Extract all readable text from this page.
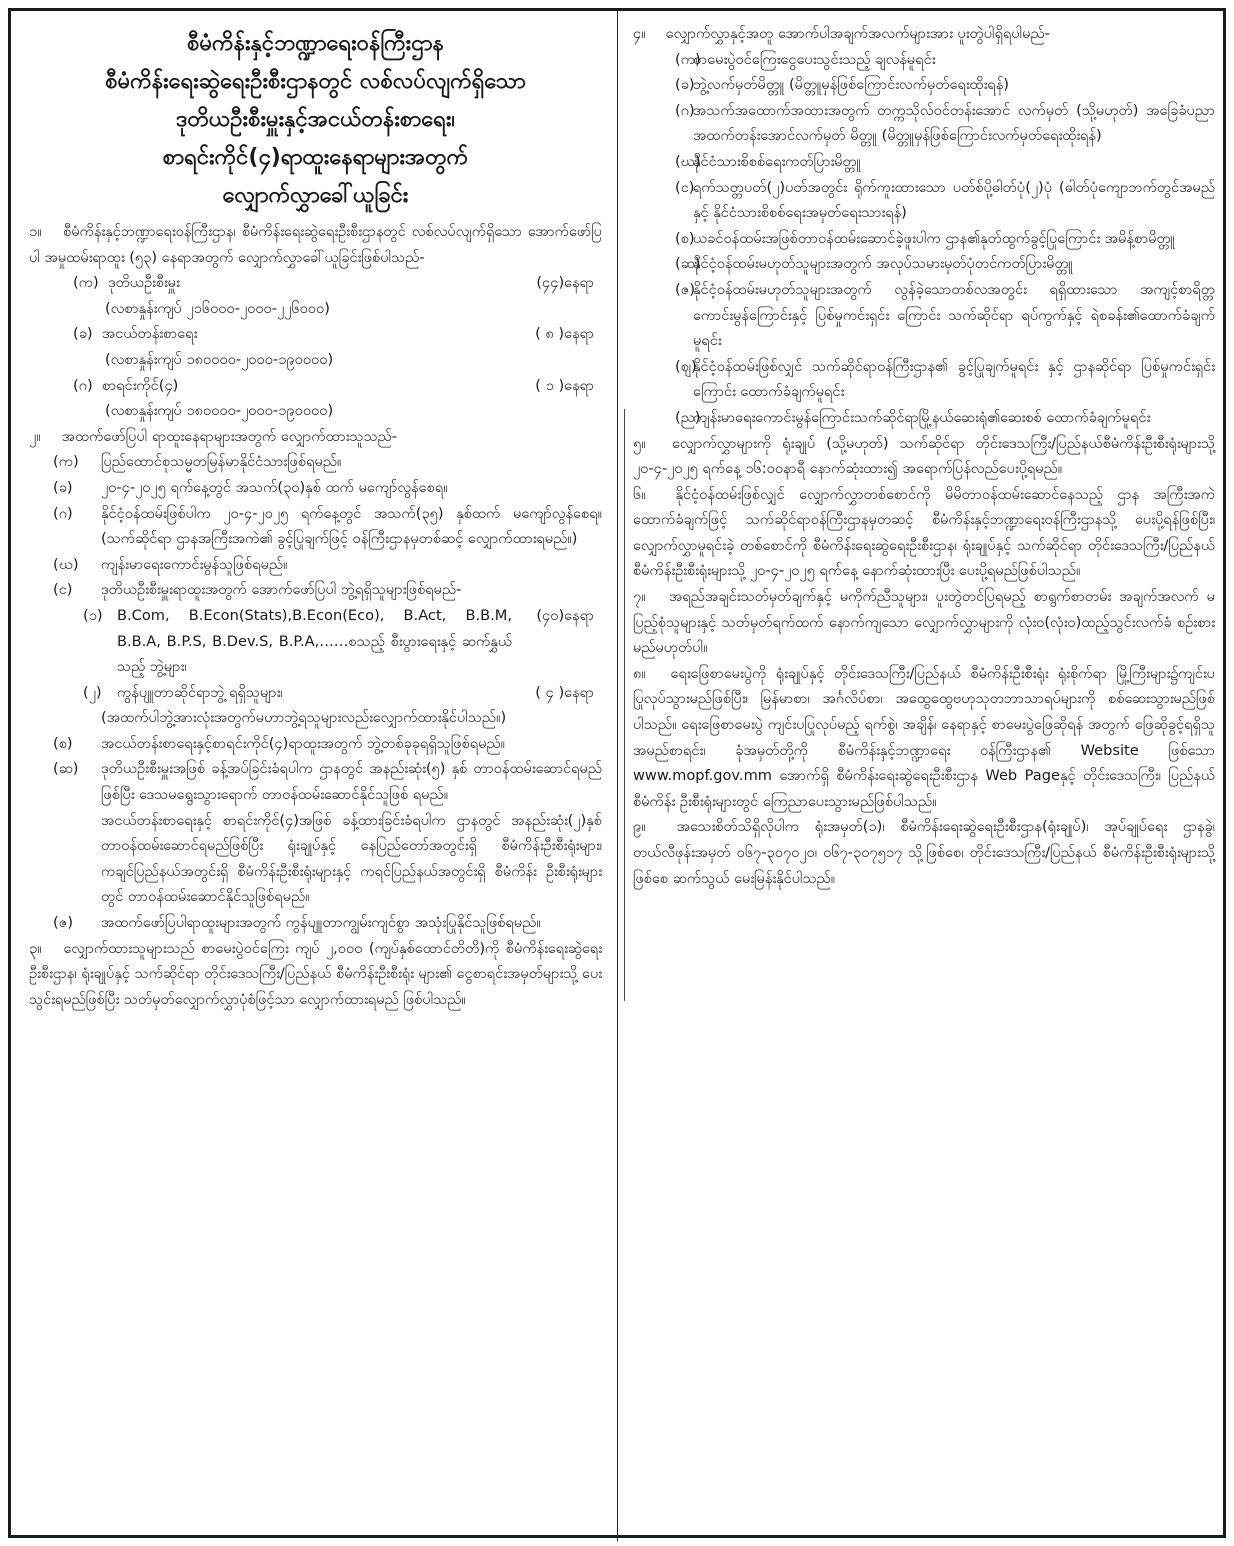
စီမံကိန်းနှင့်ဘဏ္ဍာရေးဝန်ကြီးဌာန
စီမံကိန်းရေးဆွဲရေးဦးစီးဌာနတွင် လစ်လပ်လျက်ရှိသော
ဒုတိယဦးစီးမှူးနှင့်အငယ်တန်းစာရေး၊
စာရင်းကိုင်(၄)ရာထူးနေရာများအတွက်
လျှောက်လွှာခေါ်ယူခြင်း

၁။ စီမံကိန်းနှင့်ဘဏ္ဍာရေးဝန်ကြီးဌာန၊ စီမံကိန်းရေးဆွဲရေးဦးစီးဌာနတွင် လစ်လပ်လျက်ရှိသော အောက်ဖော်ပြပါ အမှုထမ်းရာထူး (၅၃) နေရာအတွက် လျှောက်လွှာခေါ်ယူခြင်းဖြစ်ပါသည်-

(က) ဒုတိယဦးစီးမှူး	(၄၄)နေရာ

(လစာနှုန်းကျပ် ၂၁၆၀၀၀-၂၀၀၀-၂၂၆၀၀၀)

(ခ) အငယ်တန်းစာရေး	( ၈ )နေရာ

(လစာနှုန်းကျပ် ၁၈၀၀၀၀-၂၀၀၀-၁၉၀၀၀၀)

(ဂ) စာရင်းကိုင်(၄)	( ၁ )နေရာ

(လစာနှုန်းကျပ် ၁၈၀၀၀၀-၂၀၀၀-၁၉၀၀၀၀)

၂။ အထက်ဖော်ပြပါ ရာထူးနေရာများအတွက် လျှောက်ထားသူသည်-

(က) ပြည်ထောင်စုသမ္မတမြန်မာနိုင်ငံသားဖြစ်ရမည်။
(ခ) ၂၀-၄-၂၀၂၅ ရက်နေ့တွင် အသက်(၃၀)နှစ် ထက် မကျော်လွန်စေရ။
(ဂ) နိုင်ငံ့ဝန်ထမ်းဖြစ်ပါက ၂၀-၄-၂၀၂၅ ရက်နေ့တွင် အသက်(၃၅) နှစ်ထက် မကျော်လွန်စေရ။ (သက်ဆိုင်ရာ ဌာနအကြီးအကဲ၏ ခွင့်ပြုချက်ဖြင့် ဝန်ကြီးဌာနမှတစ်ဆင့် လျှောက်ထားရမည်။)
(ဃ) ကျန်းမာရေးကောင်းမွန်သူဖြစ်ရမည်။
(င) ဒုတိယဦးစီးမှူးရာထူးအတွက် အောက်ဖော်ပြပါ ဘွဲ့ရရှိသူများဖြစ်ရမည်-
(၁)	(၄၀)နေရာ
B.Com, B.Econ(Stats),B.Econ(Eco), B.Act, B.B.M, B.B.A, B.P.S, B.Dev.S, B.P.A,……စသည့် စီးပွားရေးနှင့် ဆက်နွှယ်သည့် ဘွဲ့များ၊
(၂)	( ၄ )နေရာ
ကွန်ပျူတာဆိုင်ရာဘွဲ့ ရရှိသူများ၊

(အထက်ပါဘွဲ့အားလုံးအတွက်မဟာဘွဲ့ရသူများလည်းလျှောက်ထားနိုင်ပါသည်။)

(စ) အငယ်တန်းစာရေးနှင့်စာရင်းကိုင်(၄)ရာထူးအတွက် ဘွဲ့တစ်ခုခုရရှိသူဖြစ်ရမည်။
(ဆ) ဒုတိယဦးစီးမှူးအဖြစ် ခန့်အပ်ခြင်းခံရပါက ဌာနတွင် အနည်းဆုံး(၅) နှစ် တာဝန်ထမ်းဆောင်ရမည်ဖြစ်ပြီး ဒေသမရွေးသွားရောက် တာဝန်ထမ်းဆောင်နိုင်သူဖြစ် ရမည်။

အငယ်တန်းစာရေးနှင့် စာရင်းကိုင်(၄)အဖြစ် ခန့်ထားခြင်းခံရပါက ဌာနတွင် အနည်းဆုံး(၂)နှစ် တာဝန်ထမ်းဆောင်ရမည်ဖြစ်ပြီး ရုံးချုပ်နှင့် နေပြည်တော်အတွင်းရှိ စီမံကိန်းဦးစီးရုံးများ၊ ကချင်ပြည်နယ်အတွင်းရှိ စီမံကိန်းဦးစီးရုံးများနှင့် ကရင်ပြည်နယ်အတွင်းရှိ စီမံကိန်း ဦးစီးရုံးများတွင် တာဝန်ထမ်းဆောင်နိုင်သူဖြစ်ရမည်။

(ဇ) အထက်ဖော်ပြပါရာထူးများအတွက် ကွန်ပျူတာကျွမ်းကျင်စွာ အသုံးပြုနိုင်သူဖြစ်ရမည်။

၃။ လျှောက်ထားသူများသည် စာမေးပွဲဝင်ကြေး ကျပ် ၂,၀၀၀ (ကျပ်နှစ်ထောင်တိတိ)ကို စီမံကိန်းရေးဆွဲရေးဦးစီးဌာန၊ ရုံးချုပ်နှင့် သက်ဆိုင်ရာ တိုင်းဒေသကြီး/ပြည်နယ် စီမံကိန်းဦးစီးရုံး များ၏ ငွေစာရင်းအမှတ်များသို့ ပေးသွင်းရမည်ဖြစ်ပြီး သတ်မှတ်လျှောက်လွှာပုံစံဖြင့်သာ လျှောက်ထားရမည် ဖြစ်ပါသည်။

၄။ လျှောက်လွှာနှင့်အတူ အောက်ပါအချက်အလက်များအား ပူးတွဲပါရှိရပါမည်-

(က)
စာမေးပွဲဝင်ကြေးငွေပေးသွင်းသည့် ချလန်မူရင်း
(ခ)
ဘွဲ့လက်မှတ်မိတ္တူ (မိတ္တူမှန်ဖြစ်ကြောင်းလက်မှတ်ရေးထိုးရန်)
(ဂ)
အသက်အထောက်အထားအတွက် တက္ကသိုလ်ဝင်တန်းအောင် လက်မှတ် (သို့မဟုတ်) အခြေခံပညာ အထက်တန်းအောင်လက်မှတ် မိတ္တူ (မိတ္တူမှန်ဖြစ်ကြောင်းလက်မှတ်ရေးထိုးရန်)
(ဃ)
နိုင်ငံသားစိစစ်ရေးကတ်ပြားမိတ္တူ
(င)
ရက်သတ္တပတ်(၂)ပတ်အတွင်း ရိုက်ကူးထားသော ပတ်စ်ပို့ဓါတ်ပုံ(၂)ပုံ (ဓါတ်ပုံကျောဘက်တွင်အမည်နှင့် နိုင်ငံသားစိစစ်ရေးအမှတ်ရေးသားရန်)
(စ)
ယခင်ဝန်ထမ်းအဖြစ်တာဝန်ထမ်းဆောင်ခဲ့ဖူးပါက ဌာန၏နုတ်ထွက်ခွင့်ပြုကြောင်း အမိန့်စာမိတ္တူ
(ဆ)
နိုင်ငံ့ဝန်ထမ်းမဟုတ်သူများအတွက် အလုပ်သမားမှတ်ပုံတင်ကတ်ပြားမိတ္တူ
(ဇ)
နိုင်ငံ့ဝန်ထမ်းမဟုတ်သူများအတွက် လွန်ခဲ့သောတစ်လအတွင်း ရရှိထားသော အကျင့်စာရိတ္တကောင်းမွန်ကြောင်းနှင့် ပြစ်မှုကင်းရှင်း ကြောင်း သက်ဆိုင်ရာ ရပ်ကွက်နှင့် ရဲစခန်း၏ထောက်ခံချက်မူရင်း
(ဈ)
နိုင်ငံ့ဝန်ထမ်းဖြစ်လျှင် သက်ဆိုင်ရာဝန်ကြီးဌာန၏ ခွင့်ပြုချက်မူရင်း နှင့် ဌာနဆိုင်ရာ ပြစ်မှုကင်းရှင်းကြောင်း ထောက်ခံချက်မူရင်း
(ည)
ကျန်းမာရေးကောင်းမွန်ကြောင်းသက်ဆိုင်ရာမြို့နယ်ဆေးရုံ၏ဆေးစစ် ထောက်ခံချက်မူရင်း

၅။ လျှောက်လွှာများကို ရုံးချုပ် (သို့မဟုတ်) သက်ဆိုင်ရာ တိုင်းဒေသကြီး/ပြည်နယ်စီမံကိန်းဦးစီးရုံးများသို့ ၂၀-၄-၂၀၂၅ ရက်နေ့ ၁၆:၀၀နာရီ နောက်ဆုံးထား၍ အရောက်ပြန်လည်ပေးပို့ရမည်။

၆။ နိုင်ငံ့ဝန်ထမ်းဖြစ်လျှင် လျှောက်လွှာတစ်စောင်ကို မိမိတာဝန်ထမ်းဆောင်နေသည့် ဌာန အကြီးအကဲထောက်ခံချက်ဖြင့် သက်ဆိုင်ရာဝန်ကြီးဌာနမှတဆင့် စီမံကိန်းနှင့်ဘဏ္ဍာရေးဝန်ကြီးဌာနသို့ ပေးပို့ရန်ဖြစ်ပြီး၊ လျှောက်လွှာမူရင်းခဲ့ တစ်စောင်ကို စီမံကိန်းရေးဆွဲရေးဦးစီးဌာန၊ ရုံးချုပ်နှင့် သက်ဆိုင်ရာ တိုင်းဒေသကြီး/ပြည်နယ် စီမံကိန်းဦးစီးရုံးများသို့ ၂၀-၄-၂၀၂၅ ရက်နေ့ နောက်ဆုံးထားပြီး ပေးပို့ရမည်ဖြစ်ပါသည်။

၇။ အရည်အချင်းသတ်မှတ်ချက်နှင့် မကိုက်ညီသူများ၊ ပူးတွဲတင်ပြရမည့် စာရွက်စာတမ်း အချက်အလက် မပြည့်စုံသူများနှင့် သတ်မှတ်ရက်ထက် နောက်ကျသော လျှောက်လွှာများကို လုံး၀(လုံး၀)ထည့်သွင်းလက်ခံ စဉ်းစား မည်မဟုတ်ပါ။

၈။ ရေးဖြေစာမေးပွဲကို ရုံးချုပ်နှင့် တိုင်းဒေသကြီး/ပြည်နယ် စီမံကိန်းဦးစီးရုံး ရုံးစိုက်ရာ မြို့ကြီးများ၌ကျင်းပပြုလုပ်သွားမည်ဖြစ်ပြီး၊ မြန်မာစာ၊ အင်္ဂလိပ်စာ၊ အထွေထွေဗဟုသုတဘာသာရပ်များကို စစ်ဆေးသွားမည်ဖြစ်ပါသည်။ ရေးဖြေစာမေးပွဲ ကျင်းပပြုလုပ်မည့် ရက်စွဲ၊ အချိန်၊ နေရာနှင့် စာမေးပွဲဖြေဆိုရန် အတွက် ဖြေဆိုခွင့်ရရှိသူ အမည်စာရင်း၊ ခုံအမှတ်တို့ကို စီမံကိန်းနှင့်ဘဏ္ဍာရေး ဝန်ကြီးဌာန၏ Website ဖြစ်သော www.mopf.gov.mm အောက်ရှိ စီမံကိန်းရေးဆွဲရေးဦးစီးဌာန Web Pageနှင့် တိုင်းဒေသကြီး၊ ပြည်နယ်စီမံကိန်း ဦးစီးရုံးများတွင် ကြေညာပေးသွားမည်ဖြစ်ပါသည်။

၉။ အသေးစိတ်သိရှိလိုပါက ရုံးအမှတ်(၁)၊ စီမံကိန်းရေးဆွဲရေးဦးစီးဌာန(ရုံးချုပ်)၊ အုပ်ချုပ်ရေး ဌာနခွဲ၊ တယ်လီဖုန်းအမှတ် ၀၆၇-၃၀၇၀၂၀၊ ၀၆၇-၃၀၇၅၁၇ သို့ဖြစ်စေ၊ တိုင်းဒေသကြီး/ပြည်နယ် စီမံကိန်းဦးစီးရုံးများသို့ဖြစ်စေ ဆက်သွယ် မေးမြန်းနိုင်ပါသည်။
